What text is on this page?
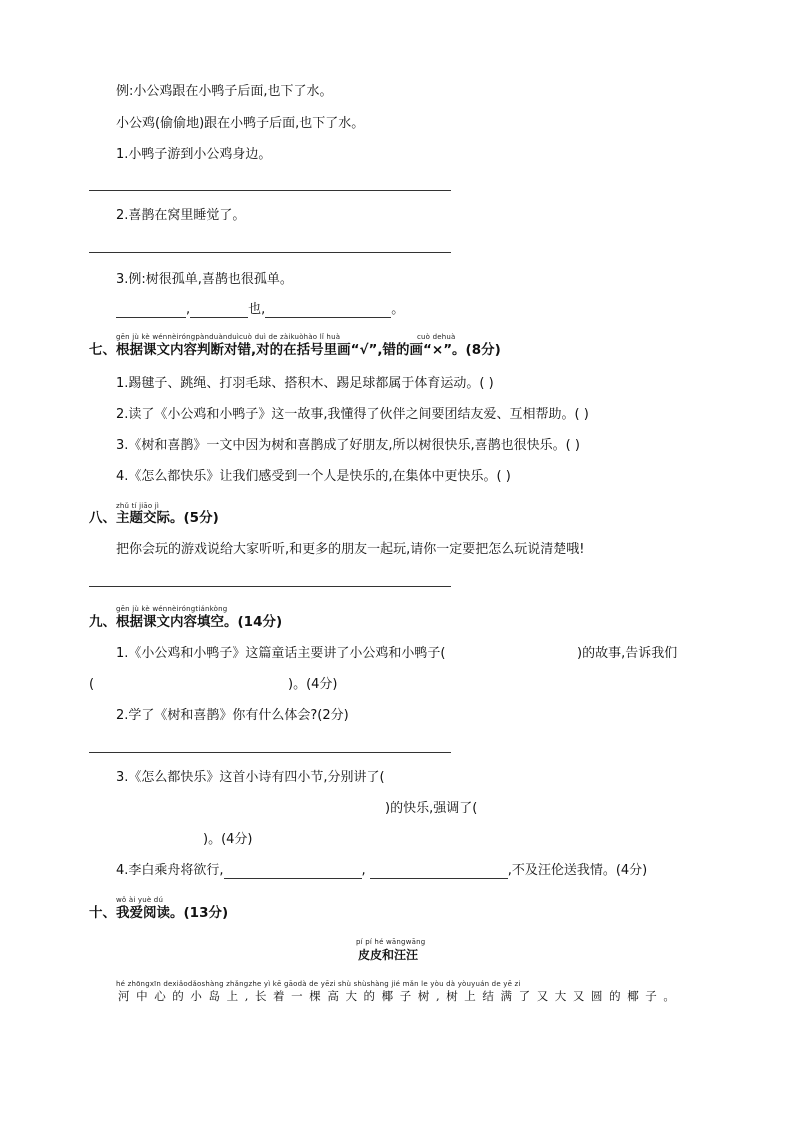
例:小公鸡跟在小鸭子后面,也下了水。
小公鸡(偷偷地)跟在小鸭子后面,也下了水。
1.小鸭子游到小公鸡身边。
2.喜鹊在窝里睡觉了。
3.例:树很孤单,喜鹊也很孤单。
,	也,	。
gēn jù kè wénnèiróngpànduànduìcuò duì de zàikuòhào lǐ huà	cuò dehuà
七、 根据课文内容判断对错,对的在括号里画“√”,错的画“×”。(8分)
1.踢毽子、跳绳、打羽毛球、搭积木、踢足球都属于体育运动。( )
2.读了《小公鸡和小鸭子》这一故事,我懂得了伙伴之间要团结友爱、互相帮助。( )
3.《树和喜鹊》一文中因为树和喜鹊成了好朋友,所以树很快乐,喜鹊也很快乐。( )
4.《怎么都快乐》让我们感受到一个人是快乐的,在集体中更快乐。( )
zhǔ tí jiāo jì
八、 主题交际。(5分)
把你会玩的游戏说给大家听听,和更多的朋友一起玩,请你一定要把怎么玩说清楚哦!
gēn jù kè wénnèiróngtiánkòng
九、 根据课文内容填空。(14分)
1.《小公鸡和小鸭子》这篇童话主要讲了小公鸡和小鸭子(	)的故事,告诉我们
(	)。(4分)
2.学了《树和喜鹊》你有什么体会?(2分)
3.《怎么都快乐》这首小诗有四小节,分别讲了(
)的快乐,强调了(
)。(4分)
4.李白乘舟将欲行,	,	,不及汪伦送我情。(4分)
wǒ ài yuè dú
十、 我爱阅读。(13分)
pí pí hé wāngwāng
皮皮和汪汪
hé zhōngxīn dexiǎodǎoshàng zhǎngzhe yì kē gāodà de yēzi shù shùshàng jié mǎn le yòu dà yòuyuán de yē zi
河中心的小岛上,长着一棵高大的椰子树,树上结满了又大又圆的椰子。
